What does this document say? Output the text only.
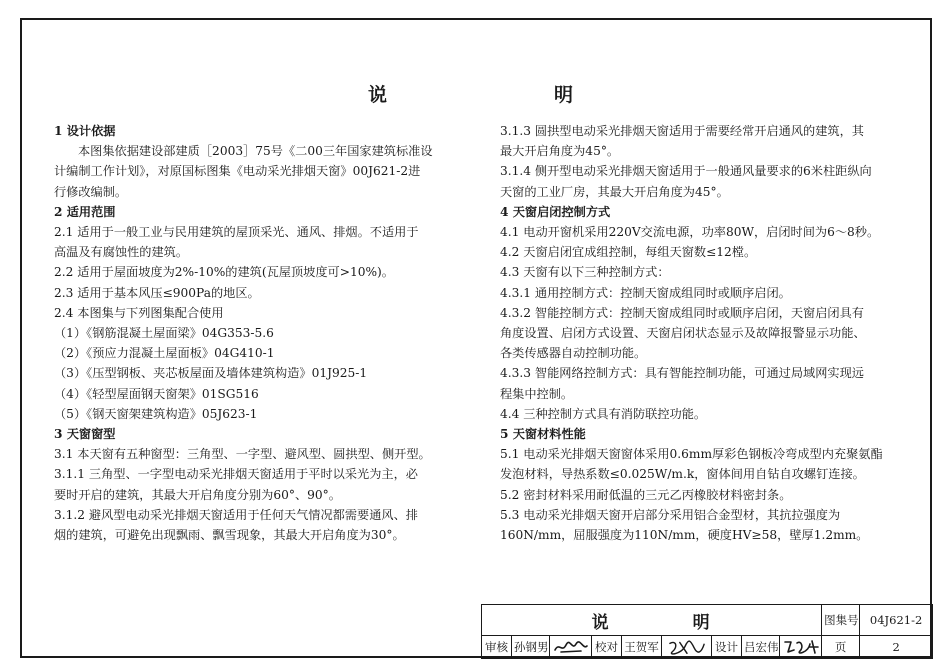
说	明

1 设计依据

本图集依据建设部建质［2003］75号《二00三年国家建筑标准设

计编制工作计划》，对原国标图集《电动采光排烟天窗》00J621-2进

行修改编制。

2 适用范围

2.1 适用于一般工业与民用建筑的屋顶采光、通风、排烟。不适用于

高温及有腐蚀性的建筑。

2.2 适用于屋面坡度为2%-10%的建筑(瓦屋顶坡度可>10%)。

2.3 适用于基本风压≤900Pa的地区。

2.4 本图集与下列图集配合使用

（1）《钢筋混凝土屋面梁》04G353-5.6

（2）《预应力混凝土屋面板》04G410-1

（3）《压型钢板、夹芯板屋面及墙体建筑构造》01J925-1

（4）《轻型屋面钢天窗架》01SG516

（5）《钢天窗架建筑构造》05J623-1

3 天窗窗型

3.1 本天窗有五种窗型：三角型、一字型、避风型、圆拱型、侧开型。

3.1.1 三角型、一字型电动采光排烟天窗适用于平时以采光为主，必

要时开启的建筑，其最大开启角度分别为60°、90°。

3.1.2 避风型电动采光排烟天窗适用于任何天气情况都需要通风、排

烟的建筑，可避免出现飘雨、飘雪现象，其最大开启角度为30°。

3.1.3 圆拱型电动采光排烟天窗适用于需要经常开启通风的建筑，其

最大开启角度为45°。

3.1.4 侧开型电动采光排烟天窗适用于一般通风量要求的6米柱距纵向

天窗的工业厂房，其最大开启角度为45°。

4 天窗启闭控制方式

4.1 电动开窗机采用220V交流电源，功率80W，启闭时间为6～8秒。

4.2 天窗启闭宜成组控制，每组天窗数≤12樘。

4.3 天窗有以下三种控制方式：

4.3.1 通用控制方式：控制天窗成组同时或顺序启闭。

4.3.2 智能控制方式：控制天窗成组同时或顺序启闭，天窗启闭具有

角度设置、启闭方式设置、天窗启闭状态显示及故障报警显示功能、

各类传感器自动控制功能。

4.3.3 智能网络控制方式：具有智能控制功能，可通过局域网实现远

程集中控制。

4.4 三种控制方式具有消防联控功能。

5 天窗材料性能

5.1 电动采光排烟天窗窗体采用0.6mm厚彩色钢板冷弯成型内充聚氨酯

发泡材料，导热系数≤0.025W/m.k，窗体间用自钻自攻螺钉连接。

5.2 密封材料采用耐低温的三元乙丙橡胶材料密封条。

5.3 电动采光排烟天窗开启部分采用铝合金型材，其抗拉强度为

160N/mm，屈服强度为110N/mm，硬度HV≥58，壁厚1.2mm。

说 明									图集号	04J621-2
审核	孙钢男		校对	王贺军		设计	吕宏伟		页	2
